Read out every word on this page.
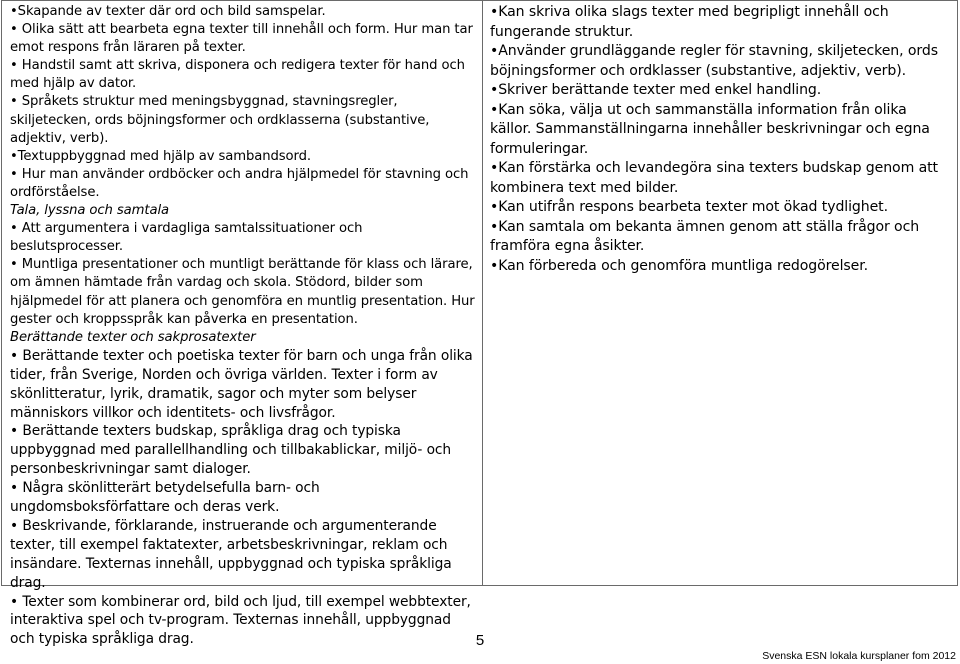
•Skapande av texter där ord och bild samspelar.

• Olika sätt att bearbeta egna texter till innehåll och form. Hur man tar emot respons från läraren på texter.

• Handstil samt att skriva, disponera och redigera texter för hand och med hjälp av dator.

• Språkets struktur med meningsbyggnad, stavningsregler, skiljetecken, ords böjningsformer och ordklasserna (substantive, adjektiv, verb).

•Textuppbyggnad med hjälp av sambandsord.

• Hur man använder ordböcker och andra hjälpmedel för stavning och ordförståelse.

Tala, lyssna och samtala

• Att argumentera i vardagliga samtalssituationer och beslutsprocesser.

• Muntliga presentationer och muntligt berättande för klass och lärare, om ämnen hämtade från vardag och skola. Stödord, bilder som hjälpmedel för att planera och genomföra en muntlig presentation. Hur gester och kroppsspråk kan påverka en presentation.

Berättande texter och sakprosatexter

• Berättande texter och poetiska texter för barn och unga från olika tider, från Sverige, Norden och övriga världen. Texter i form av skönlitteratur, lyrik, dramatik, sagor och myter som belyser människors villkor och identitets- och livsfrågor.

• Berättande texters budskap, språkliga drag och typiska uppbyggnad med parallellhandling och tillbakablickar, miljö- och personbeskrivningar samt dialoger.

• Några skönlitterärt betydelsefulla barn- och ungdomsboksförfattare och deras verk.

• Beskrivande, förklarande, instruerande och argumenterande texter, till exempel faktatexter, arbetsbeskrivningar, reklam och insändare. Texternas innehåll, uppbyggnad och typiska språkliga drag.

• Texter som kombinerar ord, bild och ljud, till exempel webbtexter, interaktiva spel och tv-program. Texternas innehåll, uppbyggnad och typiska språkliga drag.

•Kan skriva olika slags texter med begripligt innehåll och fungerande struktur.

•Använder grundläggande regler för stavning, skiljetecken, ords böjningsformer och ordklasser (substantive, adjektiv, verb).

•Skriver berättande texter med enkel handling.

•Kan söka, välja ut och sammanställa information från olika källor. Sammanställningarna innehåller beskrivningar och egna formuleringar.

•Kan förstärka och levandegöra sina texters budskap genom att kombinera text med bilder.

•Kan utifrån respons bearbeta texter mot ökad tydlighet.

•Kan samtala om bekanta ämnen genom att ställa frågor och framföra egna åsikter.

•Kan förbereda och genomföra muntliga redogörelser.

5
Svenska ESN lokala kursplaner fom 2012
